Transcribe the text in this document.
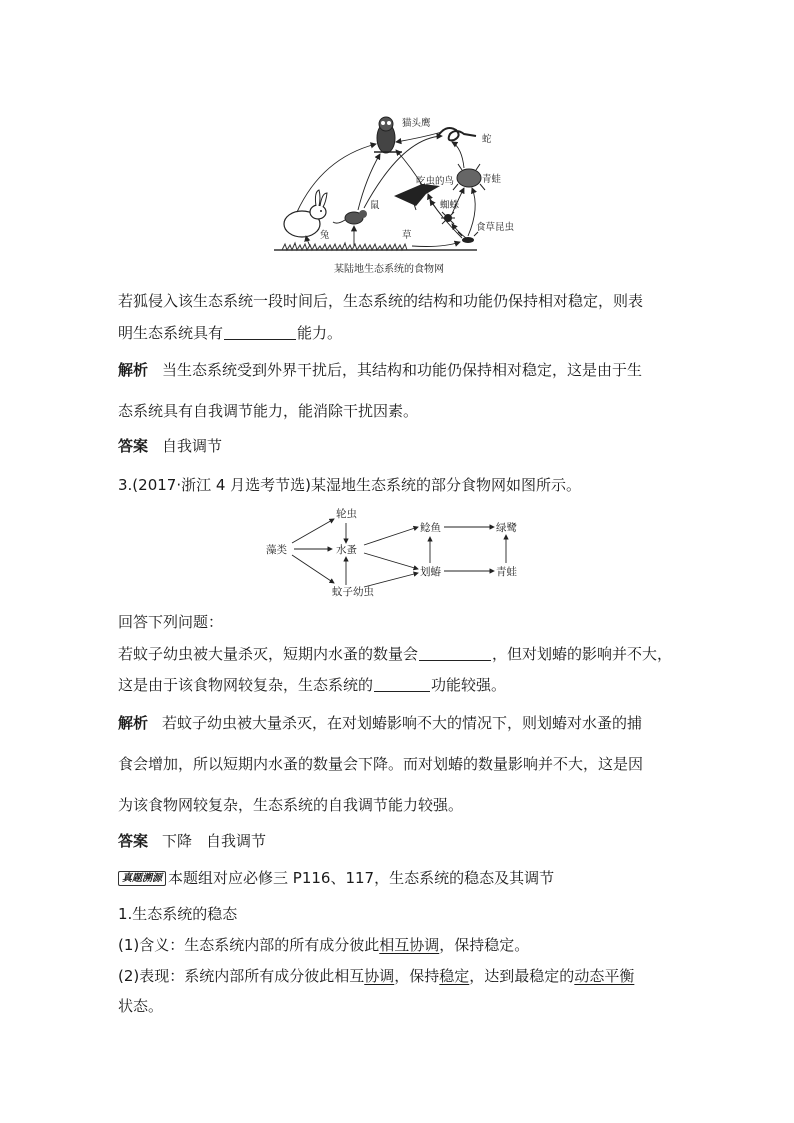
猫头鹰
蛇
吃虫的鸟	青蛙
蜘蛛
食草昆虫
鼠
兔	草
某陆地生态系统的食物网
若狐侵入该生态系统一段时间后，生态系统的结构和功能仍保持相对稳定，则表
明生态系统具有	能力。
解析 当生态系统受到外界干扰后，其结构和功能仍保持相对稳定，这是由于生
态系统具有自我调节能力，能消除干扰因素。
答案 自我调节
3.(2017·浙江 4 月选考节选)某湿地生态系统的部分食物网如图所示。
藻类
轮虫
水蚤
蚊子幼虫
鲶鱼	绿鹭
划蝽	青蛙
回答下列问题：
若蚊子幼虫被大量杀灭，短期内水蚤的数量会	，但对划蝽的影响并不大，
这是由于该食物网较复杂，生态系统的	功能较强。
解析 若蚊子幼虫被大量杀灭，在对划蝽影响不大的情况下，则划蝽对水蚤的捕
食会增加，所以短期内水蚤的数量会下降。而对划蝽的数量影响并不大，这是因
为该食物网较复杂，生态系统的自我调节能力较强。
答案 下降 自我调节
真题溯源 本题组对应必修三 P116、117，生态系统的稳态及其调节
1.生态系统的稳态
(1)含义：生态系统内部的所有成分彼此相互协调，保持稳定。
(2)表现：系统内部所有成分彼此相互协调，保持稳定，达到最稳定的动态平衡
状态。
